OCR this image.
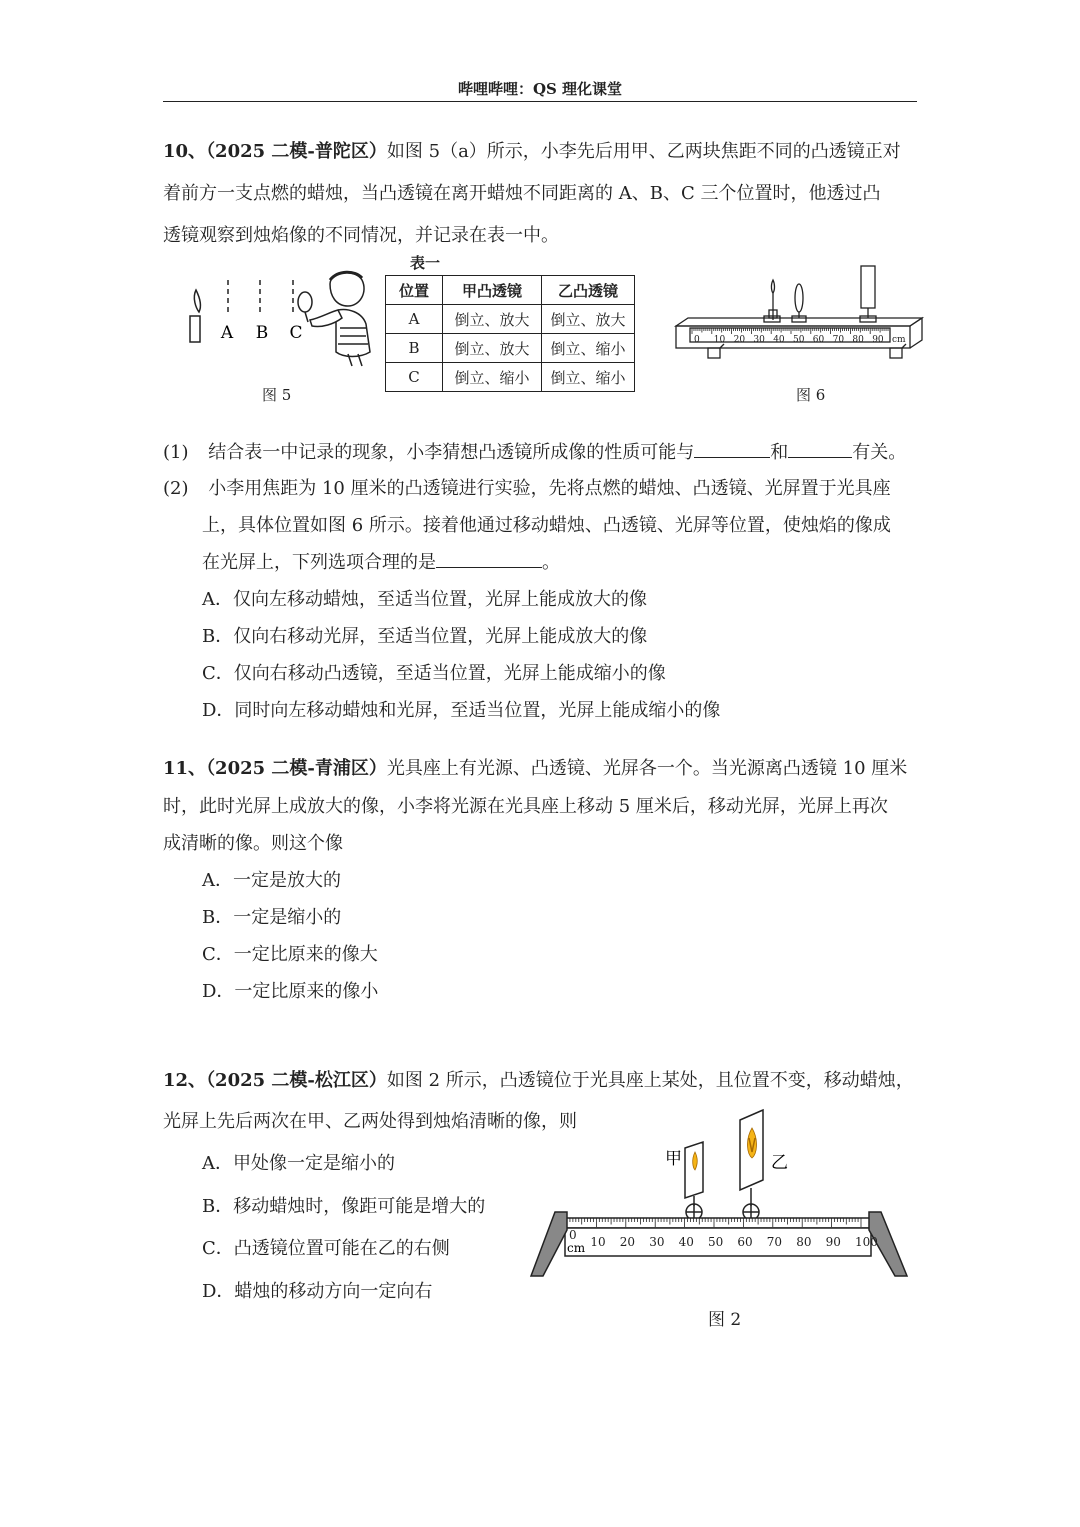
哔哩哔哩：QS 理化课堂
10、（2025 二模-普陀区）如图 5（a）所示，小李先后用甲、乙两块焦距不同的凸透镜正对
着前方一支点燃的蜡烛，当凸透镜在离开蜡烛不同距离的 A、B、C 三个位置时，他透过凸
透镜观察到烛焰像的不同情况，并记录在表一中。
A B C
图 5
表一
位置	甲凸透镜	乙凸透镜
A	倒立、放大	倒立、放大
B	倒立、放大	倒立、缩小
C	倒立、缩小	倒立、缩小
0 10 20 30 40 50 60 70 80 90 cm
图 6
(1) 结合表一中记录的现象，小李猜想凸透镜所成像的性质可能与	和	有关。
(2) 小李用焦距为 10 厘米的凸透镜进行实验，先将点燃的蜡烛、凸透镜、光屏置于光具座
上，具体位置如图 6 所示。接着他通过移动蜡烛、凸透镜、光屏等位置，使烛焰的像成
在光屏上，下列选项合理的是	。
A．仅向左移动蜡烛，至适当位置，光屏上能成放大的像
B．仅向右移动光屏，至适当位置，光屏上能成放大的像
C．仅向右移动凸透镜，至适当位置，光屏上能成缩小的像
D．同时向左移动蜡烛和光屏，至适当位置，光屏上能成缩小的像
11、（2025 二模-青浦区）光具座上有光源、凸透镜、光屏各一个。当光源离凸透镜 10 厘米
时，此时光屏上成放大的像，小李将光源在光具座上移动 5 厘米后，移动光屏，光屏上再次
成清晰的像。则这个像
A．一定是放大的
B．一定是缩小的
C．一定比原来的像大
D．一定比原来的像小
12、（2025 二模-松江区）如图 2 所示，凸透镜位于光具座上某处，且位置不变，移动蜡烛，
光屏上先后两次在甲、乙两处得到烛焰清晰的像，则
A．甲处像一定是缩小的
B．移动蜡烛时，像距可能是增大的
C．凸透镜位置可能在乙的右侧
D．蜡烛的移动方向一定向右
甲	乙
10 20 30 40 50 60 70 80 90 100
0
cm
图 2
